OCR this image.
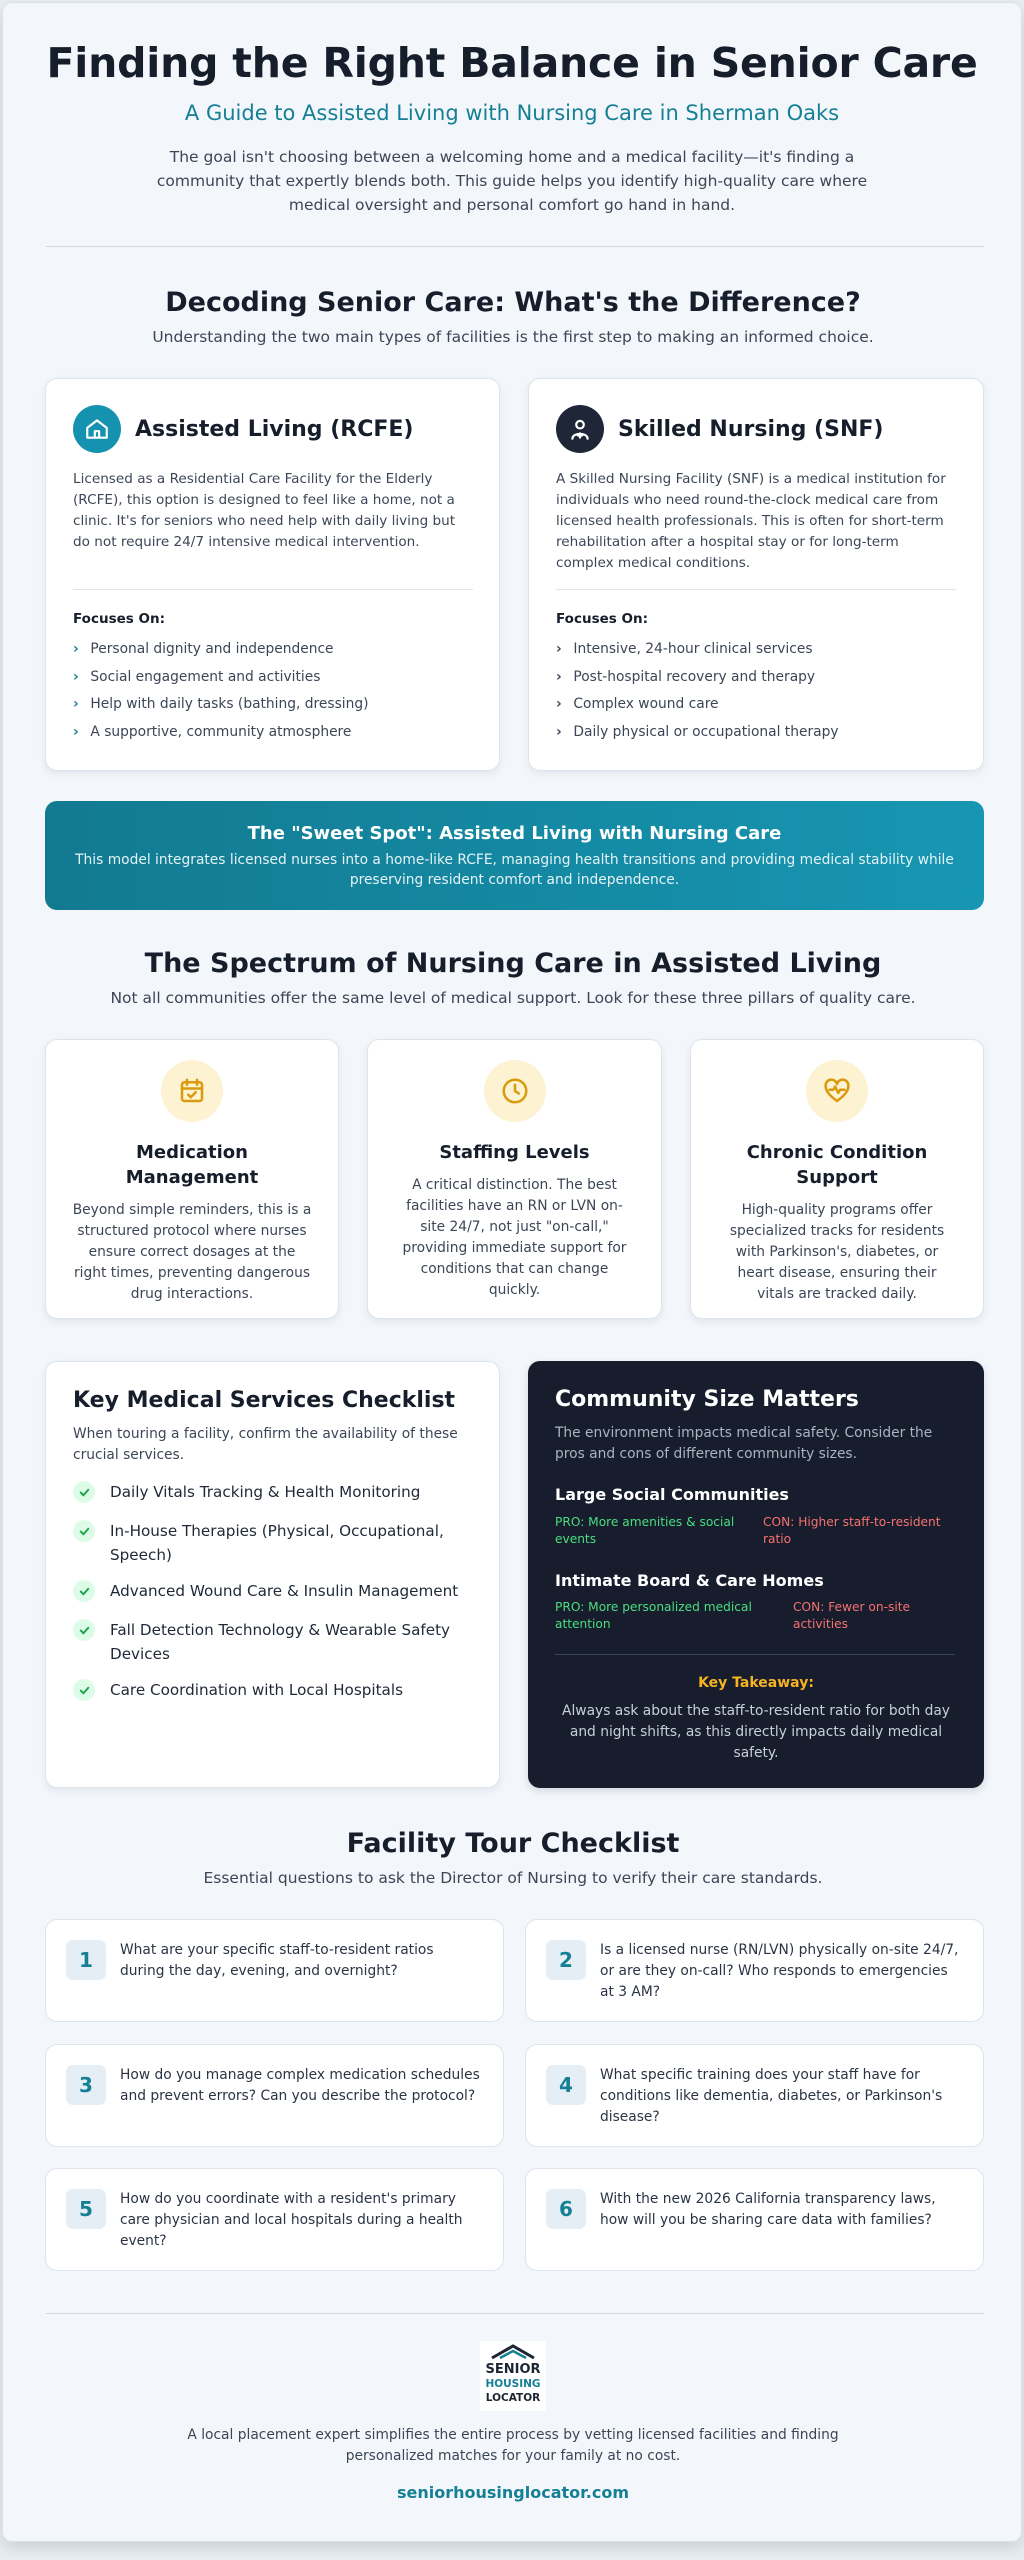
Finding the Right Balance in Senior Care
A Guide to Assisted Living with Nursing Care in Sherman Oaks

The goal isn't choosing between a welcoming home and a medical facility—it's finding a community that expertly blends both. This guide helps you identify high-quality care where medical oversight and personal comfort go hand in hand.

Decoding Senior Care: What's the Difference?
Understanding the two main types of facilities is the first step to making an informed choice.
Assisted Living (RCFE)

Licensed as a Residential Care Facility for the Elderly (RCFE), this option is designed to feel like a home, not a clinic. It's for seniors who need help with daily living but do not require 24/7 intensive medical intervention.

Focuses On:
› Personal dignity and independence
› Social engagement and activities
› Help with daily tasks (bathing, dressing)
› A supportive, community atmosphere
Skilled Nursing (SNF)

A Skilled Nursing Facility (SNF) is a medical institution for individuals who need round-the-clock medical care from licensed health professionals. This is often for short-term rehabilitation after a hospital stay or for long-term complex medical conditions.

Focuses On:
› Intensive, 24-hour clinical services
› Post-hospital recovery and therapy
› Complex wound care
› Daily physical or occupational therapy
The "Sweet Spot": Assisted Living with Nursing Care
This model integrates licensed nurses into a home-like RCFE, managing health transitions and providing medical stability while preserving resident comfort and independence.
The Spectrum of Nursing Care in Assisted Living
Not all communities offer the same level of medical support. Look for these three pillars of quality care.
Medication Management

Beyond simple reminders, this is a structured protocol where nurses ensure correct dosages at the right times, preventing dangerous drug interactions.

Staffing Levels

A critical distinction. The best facilities have an RN or LVN on-site 24/7, not just "on-call," providing immediate support for conditions that can change quickly.

Chronic Condition Support

High-quality programs offer specialized tracks for residents with Parkinson's, diabetes, or heart disease, ensuring their vitals are tracked daily.

Key Medical Services Checklist

When touring a facility, confirm the availability of these crucial services.

Daily Vitals Tracking & Health Monitoring
In-House Therapies (Physical, Occupational, Speech)
Advanced Wound Care & Insulin Management
Fall Detection Technology & Wearable Safety Devices
Care Coordination with Local Hospitals
Community Size Matters

The environment impacts medical safety. Consider the pros and cons of different community sizes.

Large Social Communities
PRO: More amenities & social events
CON: Higher staff-to-resident ratio
Intimate Board & Care Homes
PRO: More personalized medical attention
CON: Fewer on-site activities
Key Takeaway:

Always ask about the staff-to-resident ratio for both day and night shifts, as this directly impacts daily medical safety.

Facility Tour Checklist
Essential questions to ask the Director of Nursing to verify their care standards.
1	What are your specific staff-to-resident ratios during the day, evening, and overnight?	2	Is a licensed nurse (RN/LVN) physically on-site 24/7, or are they on-call? Who responds to emergencies at 3 AM?

3	How do you manage complex medication schedules and prevent errors? Can you describe the protocol?	4	What specific training does your staff have for conditions like dementia, diabetes, or Parkinson's disease?

5	How do you coordinate with a resident's primary care physician and local hospitals during a health event?

6	With the new 2026 California transparency laws, how will you be sharing care data with families?

SENIOR
HOUSING
LOCATOR

A local placement expert simplifies the entire process by vetting licensed facilities and finding personalized matches for your family at no cost.

seniorhousinglocator.com
